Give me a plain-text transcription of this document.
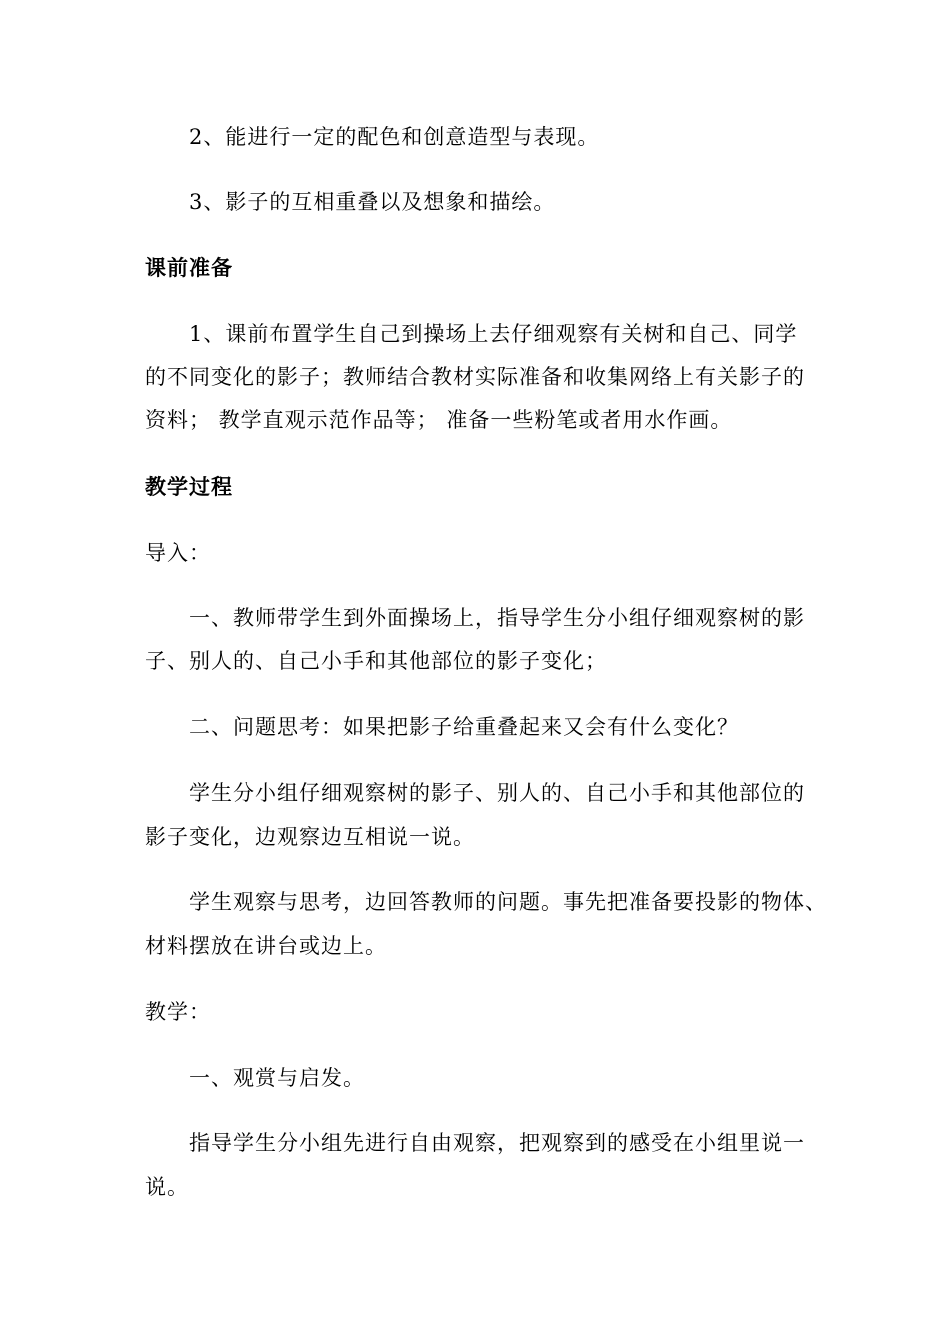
2、能进行一定的配色和创意造型与表现。
3、影子的互相重叠以及想象和描绘。
课前准备
1、课前布置学生自己到操场上去仔细观察有关树和自己、同学
的不同变化的影子；教师结合教材实际准备和收集网络上有关影子的
资料； 教学直观示范作品等； 准备一些粉笔或者用水作画。
教学过程
导入：
一、教师带学生到外面操场上，指导学生分小组仔细观察树的影
子、别人的、自己小手和其他部位的影子变化；
二、问题思考：如果把影子给重叠起来又会有什么变化？
学生分小组仔细观察树的影子、别人的、自己小手和其他部位的
影子变化，边观察边互相说一说。
学生观察与思考，边回答教师的问题。事先把准备要投影的物体、
材料摆放在讲台或边上。
教学：
一、观赏与启发。
指导学生分小组先进行自由观察，把观察到的感受在小组里说一
说。
